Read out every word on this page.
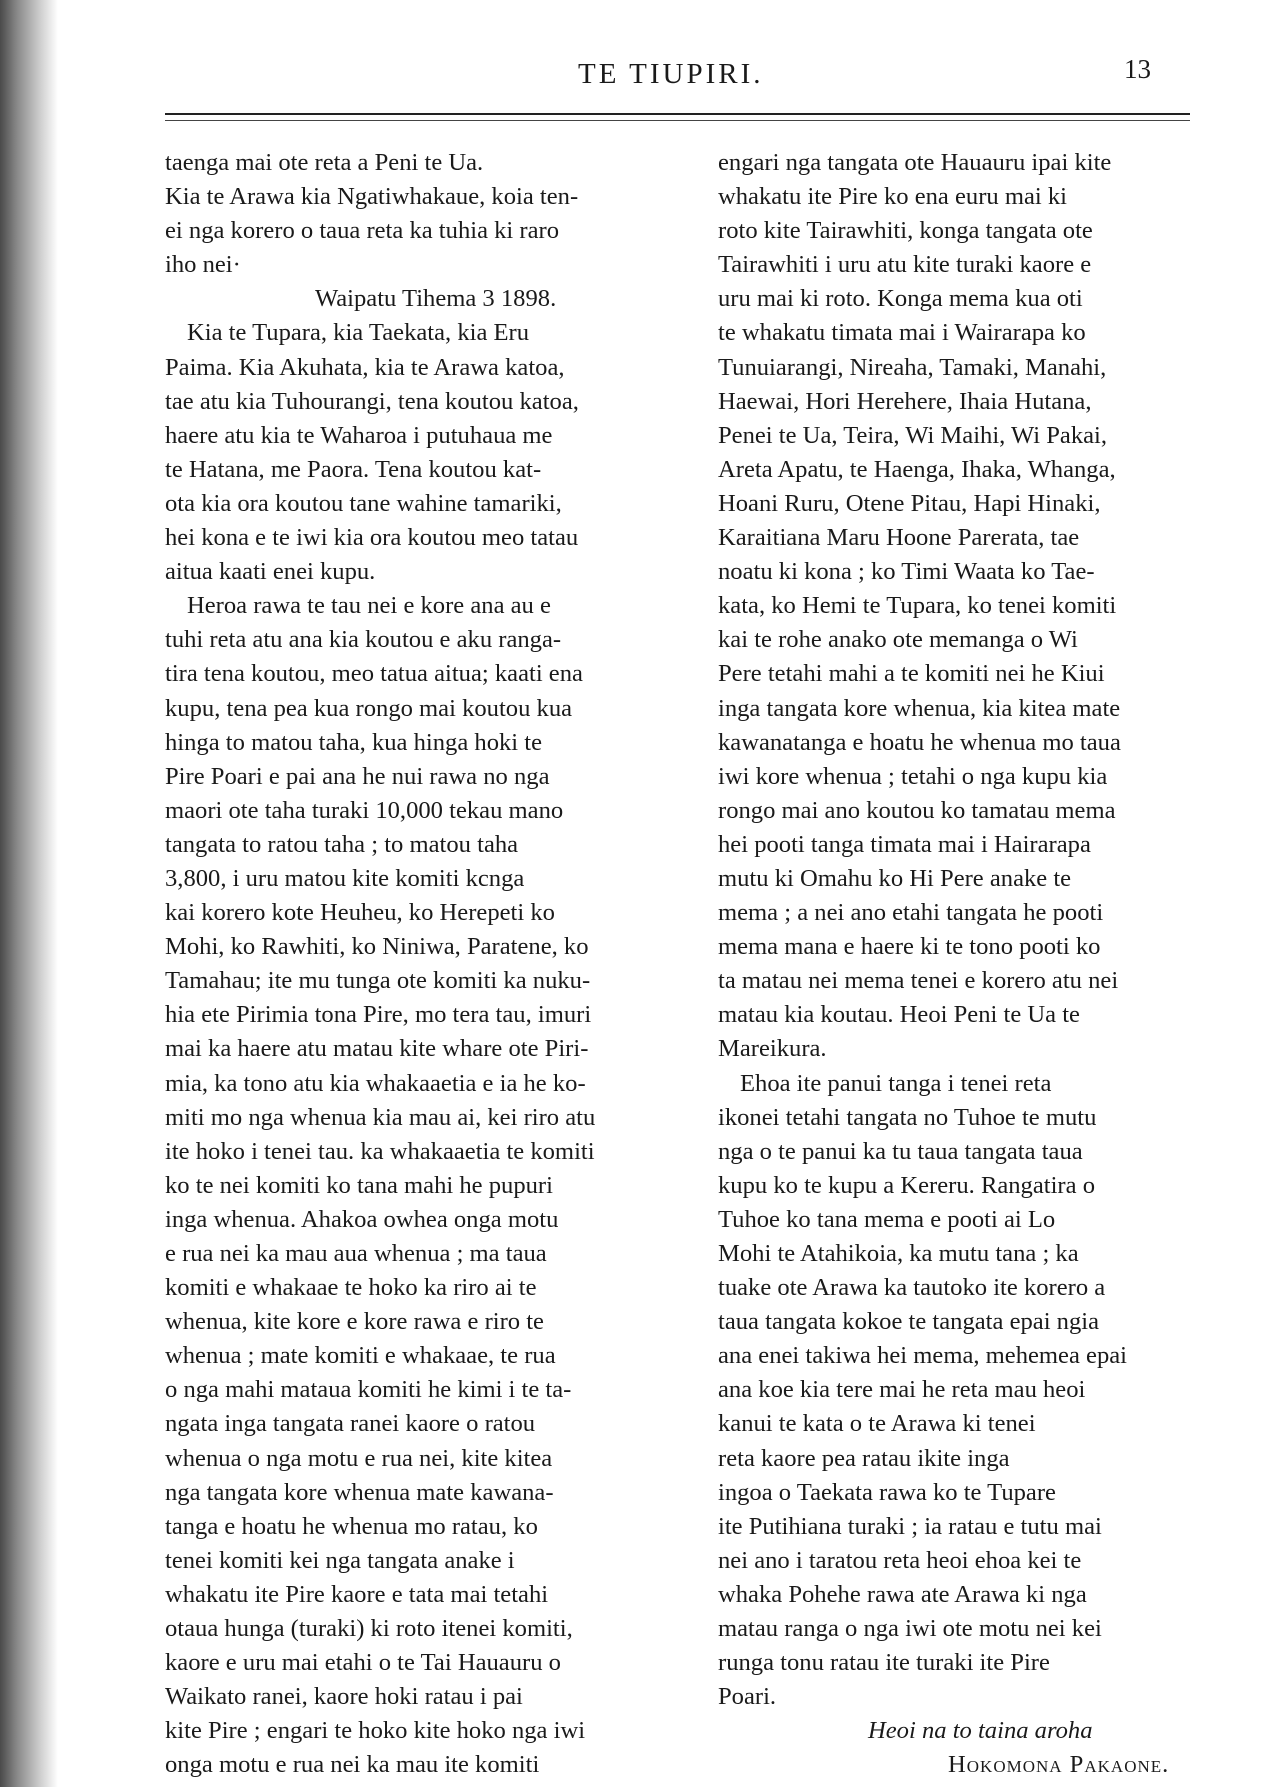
TE TIUPIRI.	13
taenga mai ote reta a Peni te Ua.
Kia te Arawa kia Ngatiwhakaue, koia ten-
ei nga korero o taua reta ka tuhia ki raro
iho nei·
Waipatu Tihema 3 1898.
Kia te Tupara, kia Taekata, kia Eru
Paima. Kia Akuhata, kia te Arawa katoa,
tae atu kia Tuhourangi, tena koutou katoa,
haere atu kia te Waharoa i putuhaua me
te Hatana, me Paora. Tena koutou kat-
ota kia ora koutou tane wahine tamariki,
hei kona e te iwi kia ora koutou meo tatau
aitua kaati enei kupu.
Heroa rawa te tau nei e kore ana au e
tuhi reta atu ana kia koutou e aku ranga-
tira tena koutou, meo tatua aitua; kaati ena
kupu, tena pea kua rongo mai koutou kua
hinga to matou taha, kua hinga hoki te
Pire Poari e pai ana he nui rawa no nga
maori ote taha turaki 10,000 tekau mano
tangata to ratou taha ; to matou taha
3,800, i uru matou kite komiti kcnga
kai korero kote Heuheu, ko Herepeti ko
Mohi, ko Rawhiti, ko Niniwa, Paratene, ko
Tamahau; ite mu tunga ote komiti ka nuku-
hia ete Pirimia tona Pire, mo tera tau, imuri
mai ka haere atu matau kite whare ote Piri-
mia, ka tono atu kia whakaaetia e ia he ko-
miti mo nga whenua kia mau ai, kei riro atu
ite hoko i tenei tau. ka whakaaetia te komiti
ko te nei komiti ko tana mahi he pupuri
inga whenua. Ahakoa owhea onga motu
e rua nei ka mau aua whenua ; ma taua
komiti e whakaae te hoko ka riro ai te
whenua, kite kore e kore rawa e riro te
whenua ; mate komiti e whakaae, te rua
o nga mahi mataua komiti he kimi i te ta-
ngata inga tangata ranei kaore o ratou
whenua o nga motu e rua nei, kite kitea
nga tangata kore whenua mate kawana-
tanga e hoatu he whenua mo ratau, ko
tenei komiti kei nga tangata anake i
whakatu ite Pire kaore e tata mai tetahi
otaua hunga (turaki) ki roto itenei komiti,
kaore e uru mai etahi o te Tai Hauauru o
Waikato ranei, kaore hoki ratau i pai
kite Pire ; engari te hoko kite hoko nga iwi
onga motu e rua nei ka mau ite komiti
engari nga tangata ote Hauauru ipai kite
whakatu ite Pire ko ena euru mai ki
roto kite Tairawhiti, konga tangata ote
Tairawhiti i uru atu kite turaki kaore e
uru mai ki roto. Konga mema kua oti
te whakatu timata mai i Wairarapa ko
Tunuiarangi, Nireaha, Tamaki, Manahi,
Haewai, Hori Herehere, Ihaia Hutana,
Penei te Ua, Teira, Wi Maihi, Wi Pakai,
Areta Apatu, te Haenga, Ihaka, Whanga,
Hoani Ruru, Otene Pitau, Hapi Hinaki,
Karaitiana Maru Hoone Parerata, tae
noatu ki kona ; ko Timi Waata ko Tae-
kata, ko Hemi te Tupara, ko tenei komiti
kai te rohe anako ote memanga o Wi
Pere tetahi mahi a te komiti nei he Kiui
inga tangata kore whenua, kia kitea mate
kawanatanga e hoatu he whenua mo taua
iwi kore whenua ; tetahi o nga kupu kia
rongo mai ano koutou ko tamatau mema
hei pooti tanga timata mai i Hairarapa
mutu ki Omahu ko Hi Pere anake te
mema ; a nei ano etahi tangata he pooti
mema mana e haere ki te tono pooti ko
ta matau nei mema tenei e korero atu nei
matau kia koutau. Heoi Peni te Ua te
Mareikura.
Ehoa ite panui tanga i tenei reta
ikonei tetahi tangata no Tuhoe te mutu
nga o te panui ka tu taua tangata taua
kupu ko te kupu a Kereru. Rangatira o
Tuhoe ko tana mema e pooti ai Lo
Mohi te Atahikoia, ka mutu tana ; ka
tuake ote Arawa ka tautoko ite korero a
taua tangata kokoe te tangata epai ngia
ana enei takiwa hei mema, mehemea epai
ana koe kia tere mai he reta mau heoi
kanui te kata o te Arawa ki tenei
reta kaore pea ratau ikite inga
ingoa o Taekata rawa ko te Tupare
ite Putihiana turaki ; ia ratau e tutu mai
nei ano i taratou reta heoi ehoa kei te
whaka Pohehe rawa ate Arawa ki nga
matau ranga o nga iwi ote motu nei kei
runga tonu ratau ite turaki ite Pire
Poari.
Heoi na to taina aroha
Hokomona Pakaone.
